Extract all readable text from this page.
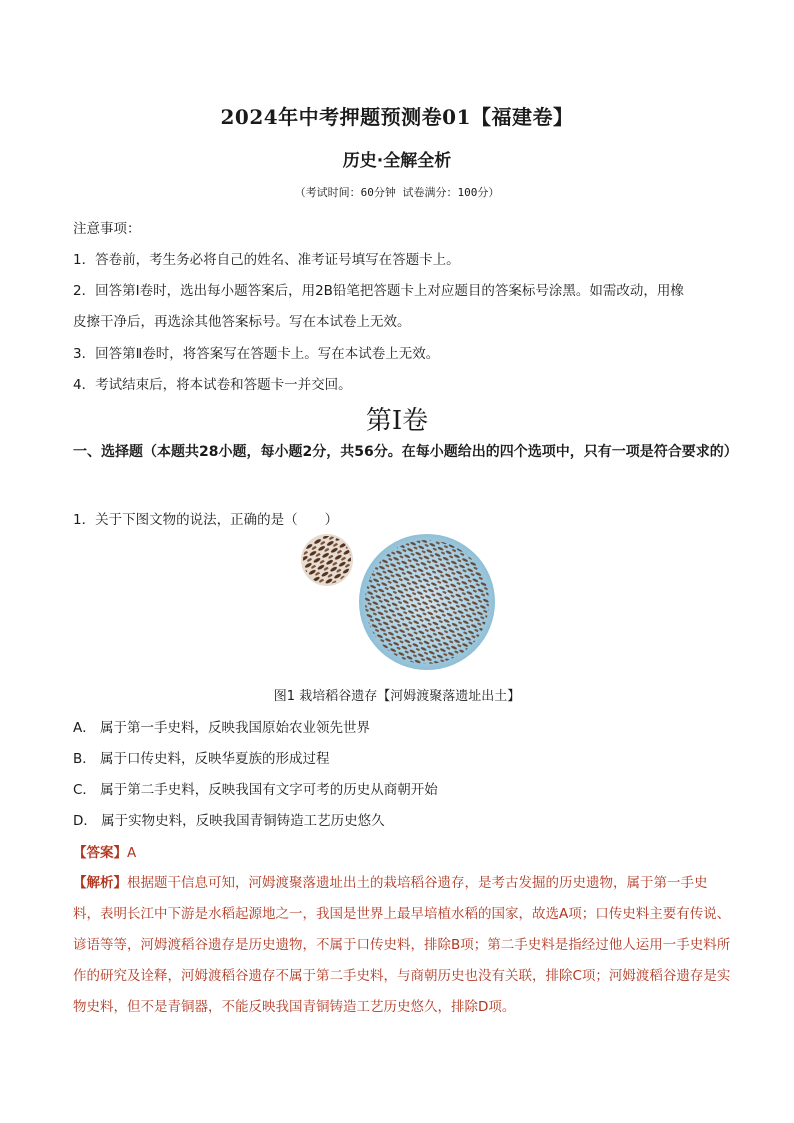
2024年中考押题预测卷01【福建卷】
历史·全解全析
（考试时间：60分钟 试卷满分：100分）
注意事项：
1．答卷前，考生务必将自己的姓名、准考证号填写在答题卡上。
2．回答第Ⅰ卷时，选出每小题答案后，用2B铅笔把答题卡上对应题目的答案标号涂黑。如需改动，用橡
皮擦干净后，再选涂其他答案标号。写在本试卷上无效。
3．回答第Ⅱ卷时，将答案写在答题卡上。写在本试卷上无效。
4．考试结束后，将本试卷和答题卡一并交回。
第Ⅰ卷
一、选择题（本题共28小题，每小题2分，共56分。在每小题给出的四个选项中，只有一项是符合要求的）
1．关于下图文物的说法，正确的是（　　）
图1 栽培稻谷遗存【河姆渡聚落遗址出土】
A． 属于第一手史料，反映我国原始农业领先世界
B． 属于口传史料，反映华夏族的形成过程
C． 属于第二手史料，反映我国有文字可考的历史从商朝开始
D． 属于实物史料，反映我国青铜铸造工艺历史悠久
【答案】A
【解析】根据题干信息可知，河姆渡聚落遗址出土的栽培稻谷遗存，是考古发掘的历史遗物，属于第一手史料，表明长江中下游是水稻起源地之一，我国是世界上最早培植水稻的国家，故选A项；口传史料主要有传说、谚语等等，河姆渡稻谷遗存是历史遗物，不属于口传史料，排除B项；第二手史料是指经过他人运用一手史料所作的研究及诠释，河姆渡稻谷遗存不属于第二手史料，与商朝历史也没有关联，排除C项；河姆渡稻谷遗存是实物史料，但不是青铜器，不能反映我国青铜铸造工艺历史悠久，排除D项。
